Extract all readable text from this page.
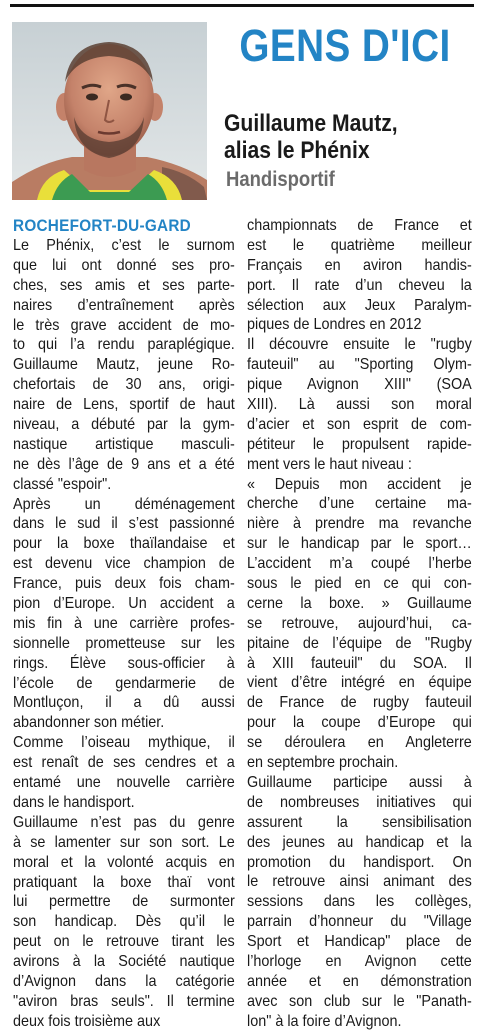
GENS D'ICI
Guillaume Mautz,
alias le Phénix
Handisportif
ROCHEFORT-DU-GARD
Le Phénix, c’est le surnom
que lui ont donné ses pro-
ches, ses amis et ses parte-
naires d’entraînement après
le très grave accident de mo-
to qui l’a rendu paraplégique.
Guillaume Mautz, jeune Ro-
chefortais de 30 ans, origi-
naire de Lens, sportif de haut
niveau, a débuté par la gym-
nastique artistique masculi-
ne dès l’âge de 9 ans et a été
classé "espoir".
Après un déménagement
dans le sud il s’est passionné
pour la boxe thaïlandaise et
est devenu vice champion de
France, puis deux fois cham-
pion d’Europe. Un accident a
mis fin à une carrière profes-
sionnelle prometteuse sur les
rings. Élève sous-officier à
l’école de gendarmerie de
Montluçon, il a dû aussi
abandonner son métier.
Comme l’oiseau mythique, il
est renaît de ses cendres et a
entamé une nouvelle carrière
dans le handisport.
Guillaume n’est pas du genre
à se lamenter sur son sort. Le
moral et la volonté acquis en
pratiquant la boxe thaï vont
lui permettre de surmonter
son handicap. Dès qu’il le
peut on le retrouve tirant les
avirons à la Société nautique
d’Avignon dans la catégorie
"aviron bras seuls". Il termine
deux fois troisième aux
championnats de France et
est le quatrième meilleur
Français en aviron handis-
port. Il rate d’un cheveu la
sélection aux Jeux Paralym-
piques de Londres en 2012
Il découvre ensuite le "rugby
fauteuil" au "Sporting Olym-
pique Avignon XIII" (SOA
XIII). Là aussi son moral
d’acier et son esprit de com-
pétiteur le propulsent rapide-
ment vers le haut niveau :
« Depuis mon accident je
cherche d’une certaine ma-
nière à prendre ma revanche
sur le handicap par le sport…
L’accident m’a coupé l’herbe
sous le pied en ce qui con-
cerne la boxe. » Guillaume
se retrouve, aujourd’hui, ca-
pitaine de l’équipe de "Rugby
à XIII fauteuil" du SOA. Il
vient d’être intégré en équipe
de France de rugby fauteuil
pour la coupe d’Europe qui
se déroulera en Angleterre
en septembre prochain.
Guillaume participe aussi à
de nombreuses initiatives qui
assurent la sensibilisation
des jeunes au handicap et la
promotion du handisport. On
le retrouve ainsi animant des
sessions dans les collèges,
parrain d’honneur du "Village
Sport et Handicap" place de
l’horloge en Avignon cette
année et en démonstration
avec son club sur le "Panath-
lon" à la foire d’Avignon.
